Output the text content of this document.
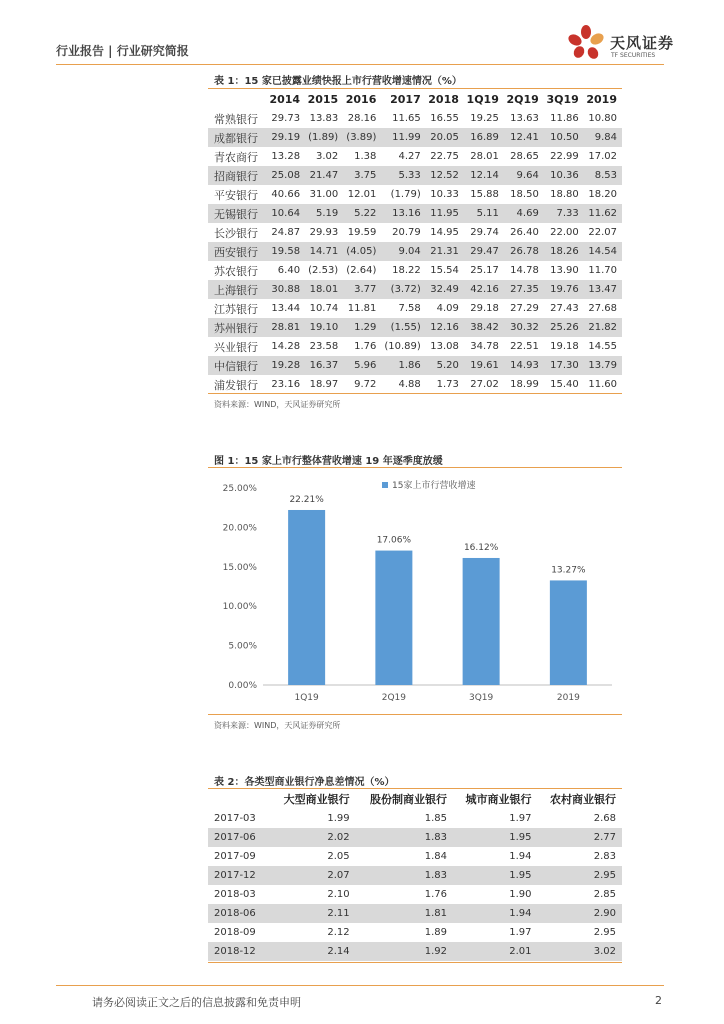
行业报告 | 行业研究简报	天风证券
TF SECURITIES
表 1：15 家已披露业绩快报上市行营收增速情况（%）
	2014	2015	2016	2017	2018	1Q19	2Q19	3Q19	2019
常熟银行	29.73	13.83	28.16	11.65	16.55	19.25	13.63	11.86	10.80
成都银行	29.19	(1.89)	(3.89)	11.99	20.05	16.89	12.41	10.50	9.84
青农商行	13.28	3.02	1.38	4.27	22.75	28.01	28.65	22.99	17.02
招商银行	25.08	21.47	3.75	5.33	12.52	12.14	9.64	10.36	8.53
平安银行	40.66	31.00	12.01	(1.79)	10.33	15.88	18.50	18.80	18.20
无锡银行	10.64	5.19	5.22	13.16	11.95	5.11	4.69	7.33	11.62
长沙银行	24.87	29.93	19.59	20.79	14.95	29.74	26.40	22.00	22.07
西安银行	19.58	14.71	(4.05)	9.04	21.31	29.47	26.78	18.26	14.54
苏农银行	6.40	(2.53)	(2.64)	18.22	15.54	25.17	14.78	13.90	11.70
上海银行	30.88	18.01	3.77	(3.72)	32.49	42.16	27.35	19.76	13.47
江苏银行	13.44	10.74	11.81	7.58	4.09	29.18	27.29	27.43	27.68
苏州银行	28.81	19.10	1.29	(1.55)	12.16	38.42	30.32	25.26	21.82
兴业银行	14.28	23.58	1.76	(10.89)	13.08	34.78	22.51	19.18	14.55
中信银行	19.28	16.37	5.96	1.86	5.20	19.61	14.93	17.30	13.79
浦发银行	23.16	18.97	9.72	4.88	1.73	27.02	18.99	15.40	11.60
资料来源：WIND，天风证券研究所
图 1：15 家上市行整体营收增速 19 年逐季度放缓
0.00%
5.00%
10.00%
15.00%
20.00%
25.00%
22.21%
1Q19
17.06%
2Q19
16.12%
3Q19
13.27%
2019
15家上市行营收增速
资料来源：WIND，天风证券研究所
表 2：各类型商业银行净息差情况（%）
	大型商业银行	股份制商业银行	城市商业银行	农村商业银行
2017-03	1.99	1.85	1.97	2.68
2017-06	2.02	1.83	1.95	2.77
2017-09	2.05	1.84	1.94	2.83
2017-12	2.07	1.83	1.95	2.95
2018-03	2.10	1.76	1.90	2.85
2018-06	2.11	1.81	1.94	2.90
2018-09	2.12	1.89	1.97	2.95
2018-12	2.14	1.92	2.01	3.02
请务必阅读正文之后的信息披露和免责申明	2
